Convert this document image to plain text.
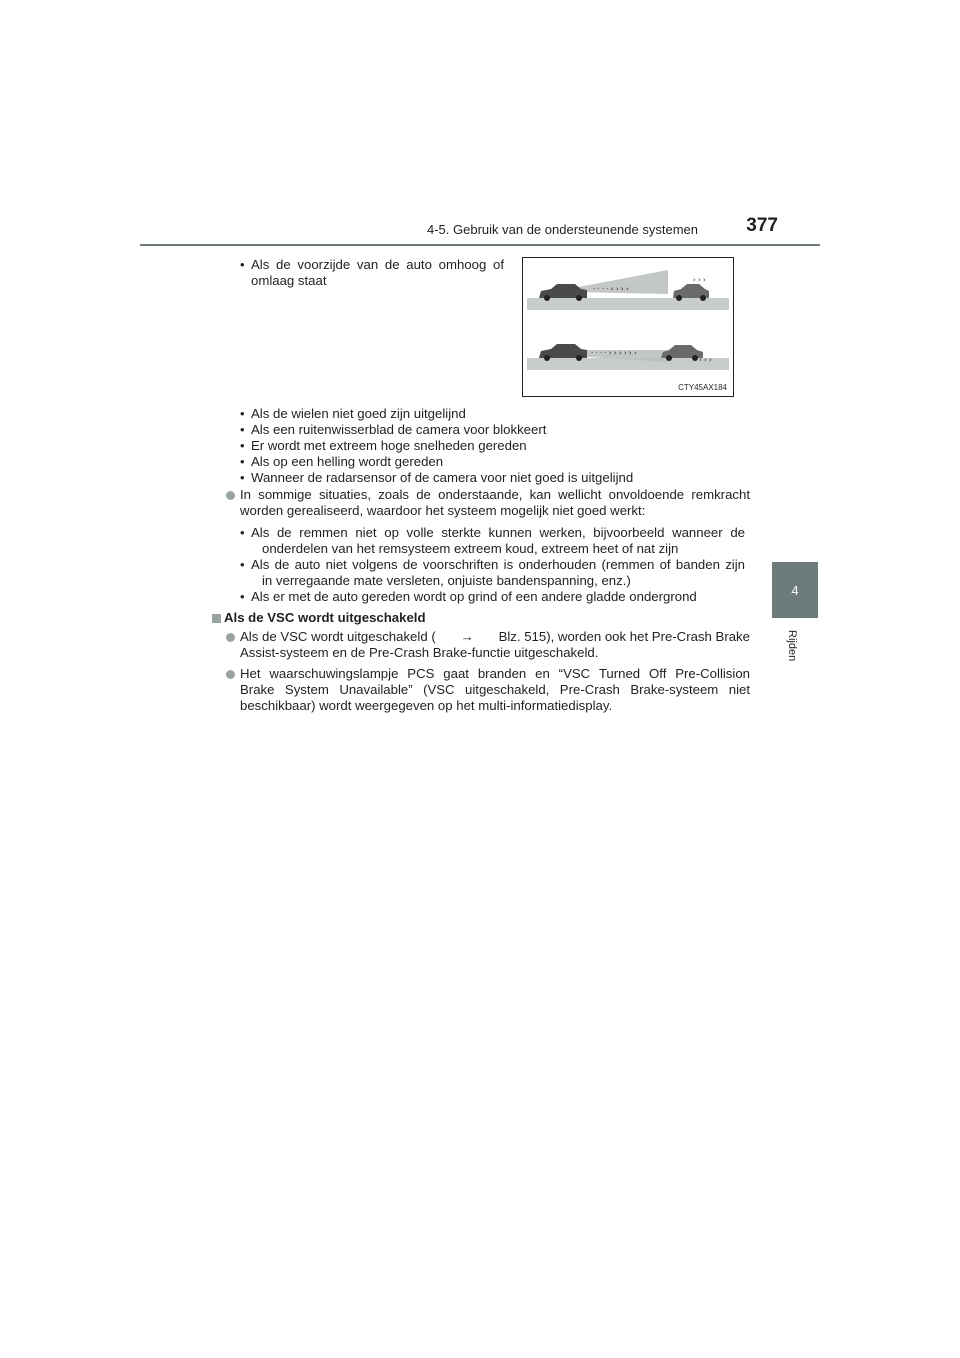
4-5. Gebruik van de ondersteunende systemen	377
4
Rijden
• Als de voorzijde van de auto omhoog of
omlaag staat
· · · · › › › ›
› › ›
· · · · › › › › › ›
› › ›
CTY45AX184
• Als de wielen niet goed zijn uitgelijnd
• Als een ruitenwisserblad de camera voor blokkeert
• Er wordt met extreem hoge snelheden gereden
• Als op een helling wordt gereden
• Wanneer de radarsensor of de camera voor niet goed is uitgelijnd
In sommige situaties, zoals de onderstaande, kan wellicht onvoldoende remkracht
worden gerealiseerd, waardoor het systeem mogelijk niet goed werkt:
• Als de remmen niet op volle sterkte kunnen werken, bijvoorbeeld wanneer de
onderdelen van het remsysteem extreem koud, extreem heet of nat zijn
• Als de auto niet volgens de voorschriften is onderhouden (remmen of banden zijn
in verregaande mate versleten, onjuiste bandenspanning, enz.)
• Als er met de auto gereden wordt op grind of een andere gladde ondergrond
Als de VSC wordt uitgeschakeld
Als de VSC wordt uitgeschakeld ( → Blz. 515), worden ook het Pre-Crash Brake
Assist-systeem en de Pre-Crash Brake-functie uitgeschakeld.
Het waarschuwingslampje PCS gaat branden en “VSC Turned Off Pre-Collision
Brake System Unavailable” (VSC uitgeschakeld, Pre-Crash Brake-systeem niet
beschikbaar) wordt weergegeven op het multi-informatiedisplay.
